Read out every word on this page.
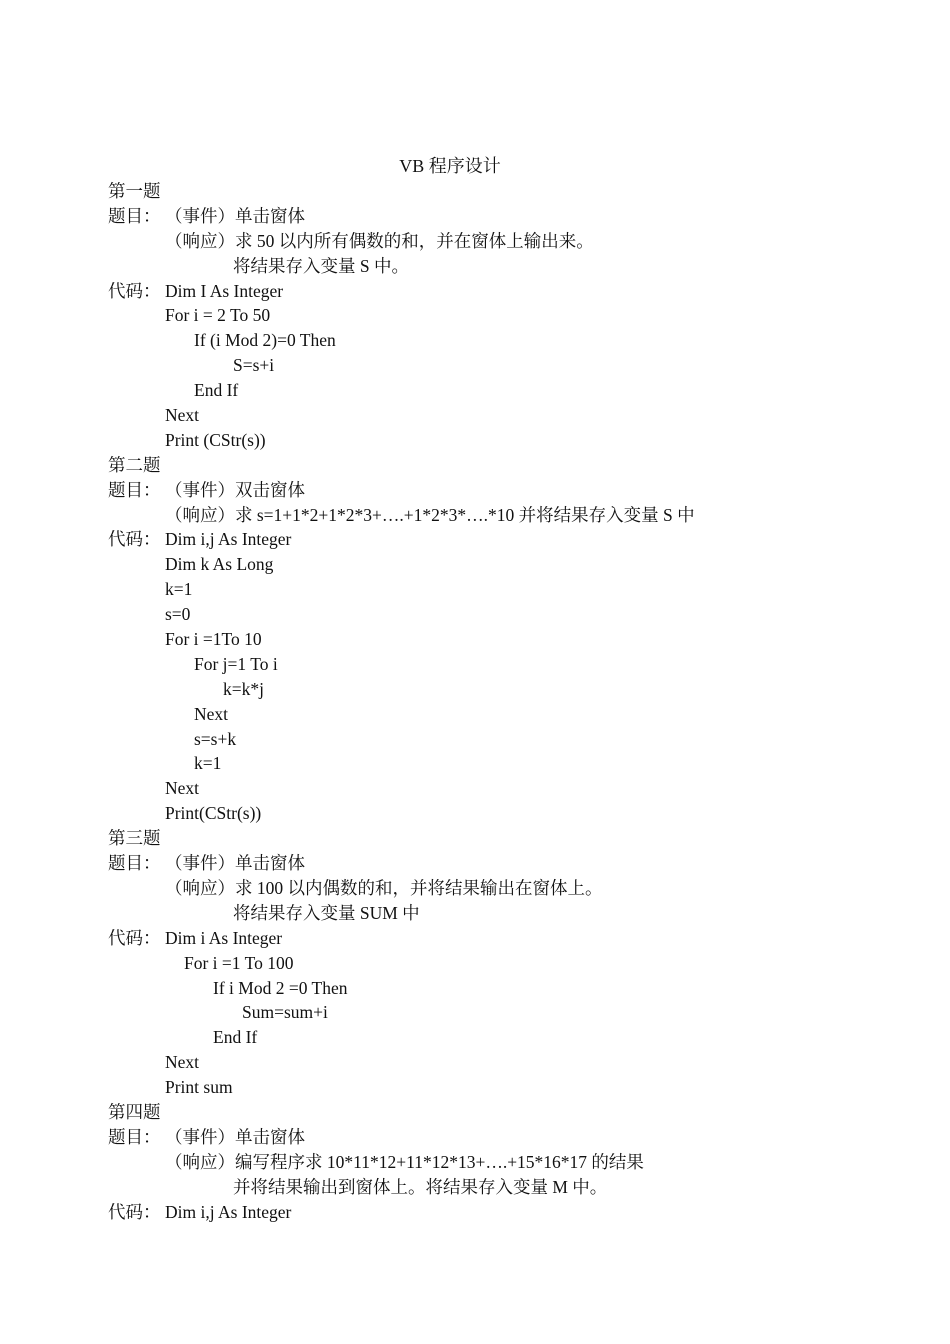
VB 程序设计
第一题
题目： （事件）单击窗体
（响应）求 50 以内所有偶数的和，并在窗体上输出来。
将结果存入变量 S 中。
代码： Dim I As Integer
For i = 2 To 50
If (i Mod 2)=0 Then
S=s+i
End If
Next
Print (CStr(s))
第二题
题目： （事件）双击窗体
（响应）求 s=1+1*2+1*2*3+….+1*2*3*….*10 并将结果存入变量 S 中
代码： Dim i,j As Integer
Dim k As Long
k=1
s=0
For i =1To 10
For j=1 To i
k=k*j
Next
s=s+k
k=1
Next
Print(CStr(s))
第三题
题目： （事件）单击窗体
（响应）求 100 以内偶数的和，并将结果输出在窗体上。
将结果存入变量 SUM 中
代码： Dim i As Integer
For i =1 To 100
If i Mod 2 =0 Then
Sum=sum+i
End If
Next
Print sum
第四题
题目： （事件）单击窗体
（响应）编写程序求 10*11*12+11*12*13+….+15*16*17 的结果
并将结果输出到窗体上。将结果存入变量 M 中。
代码： Dim i,j As Integer
